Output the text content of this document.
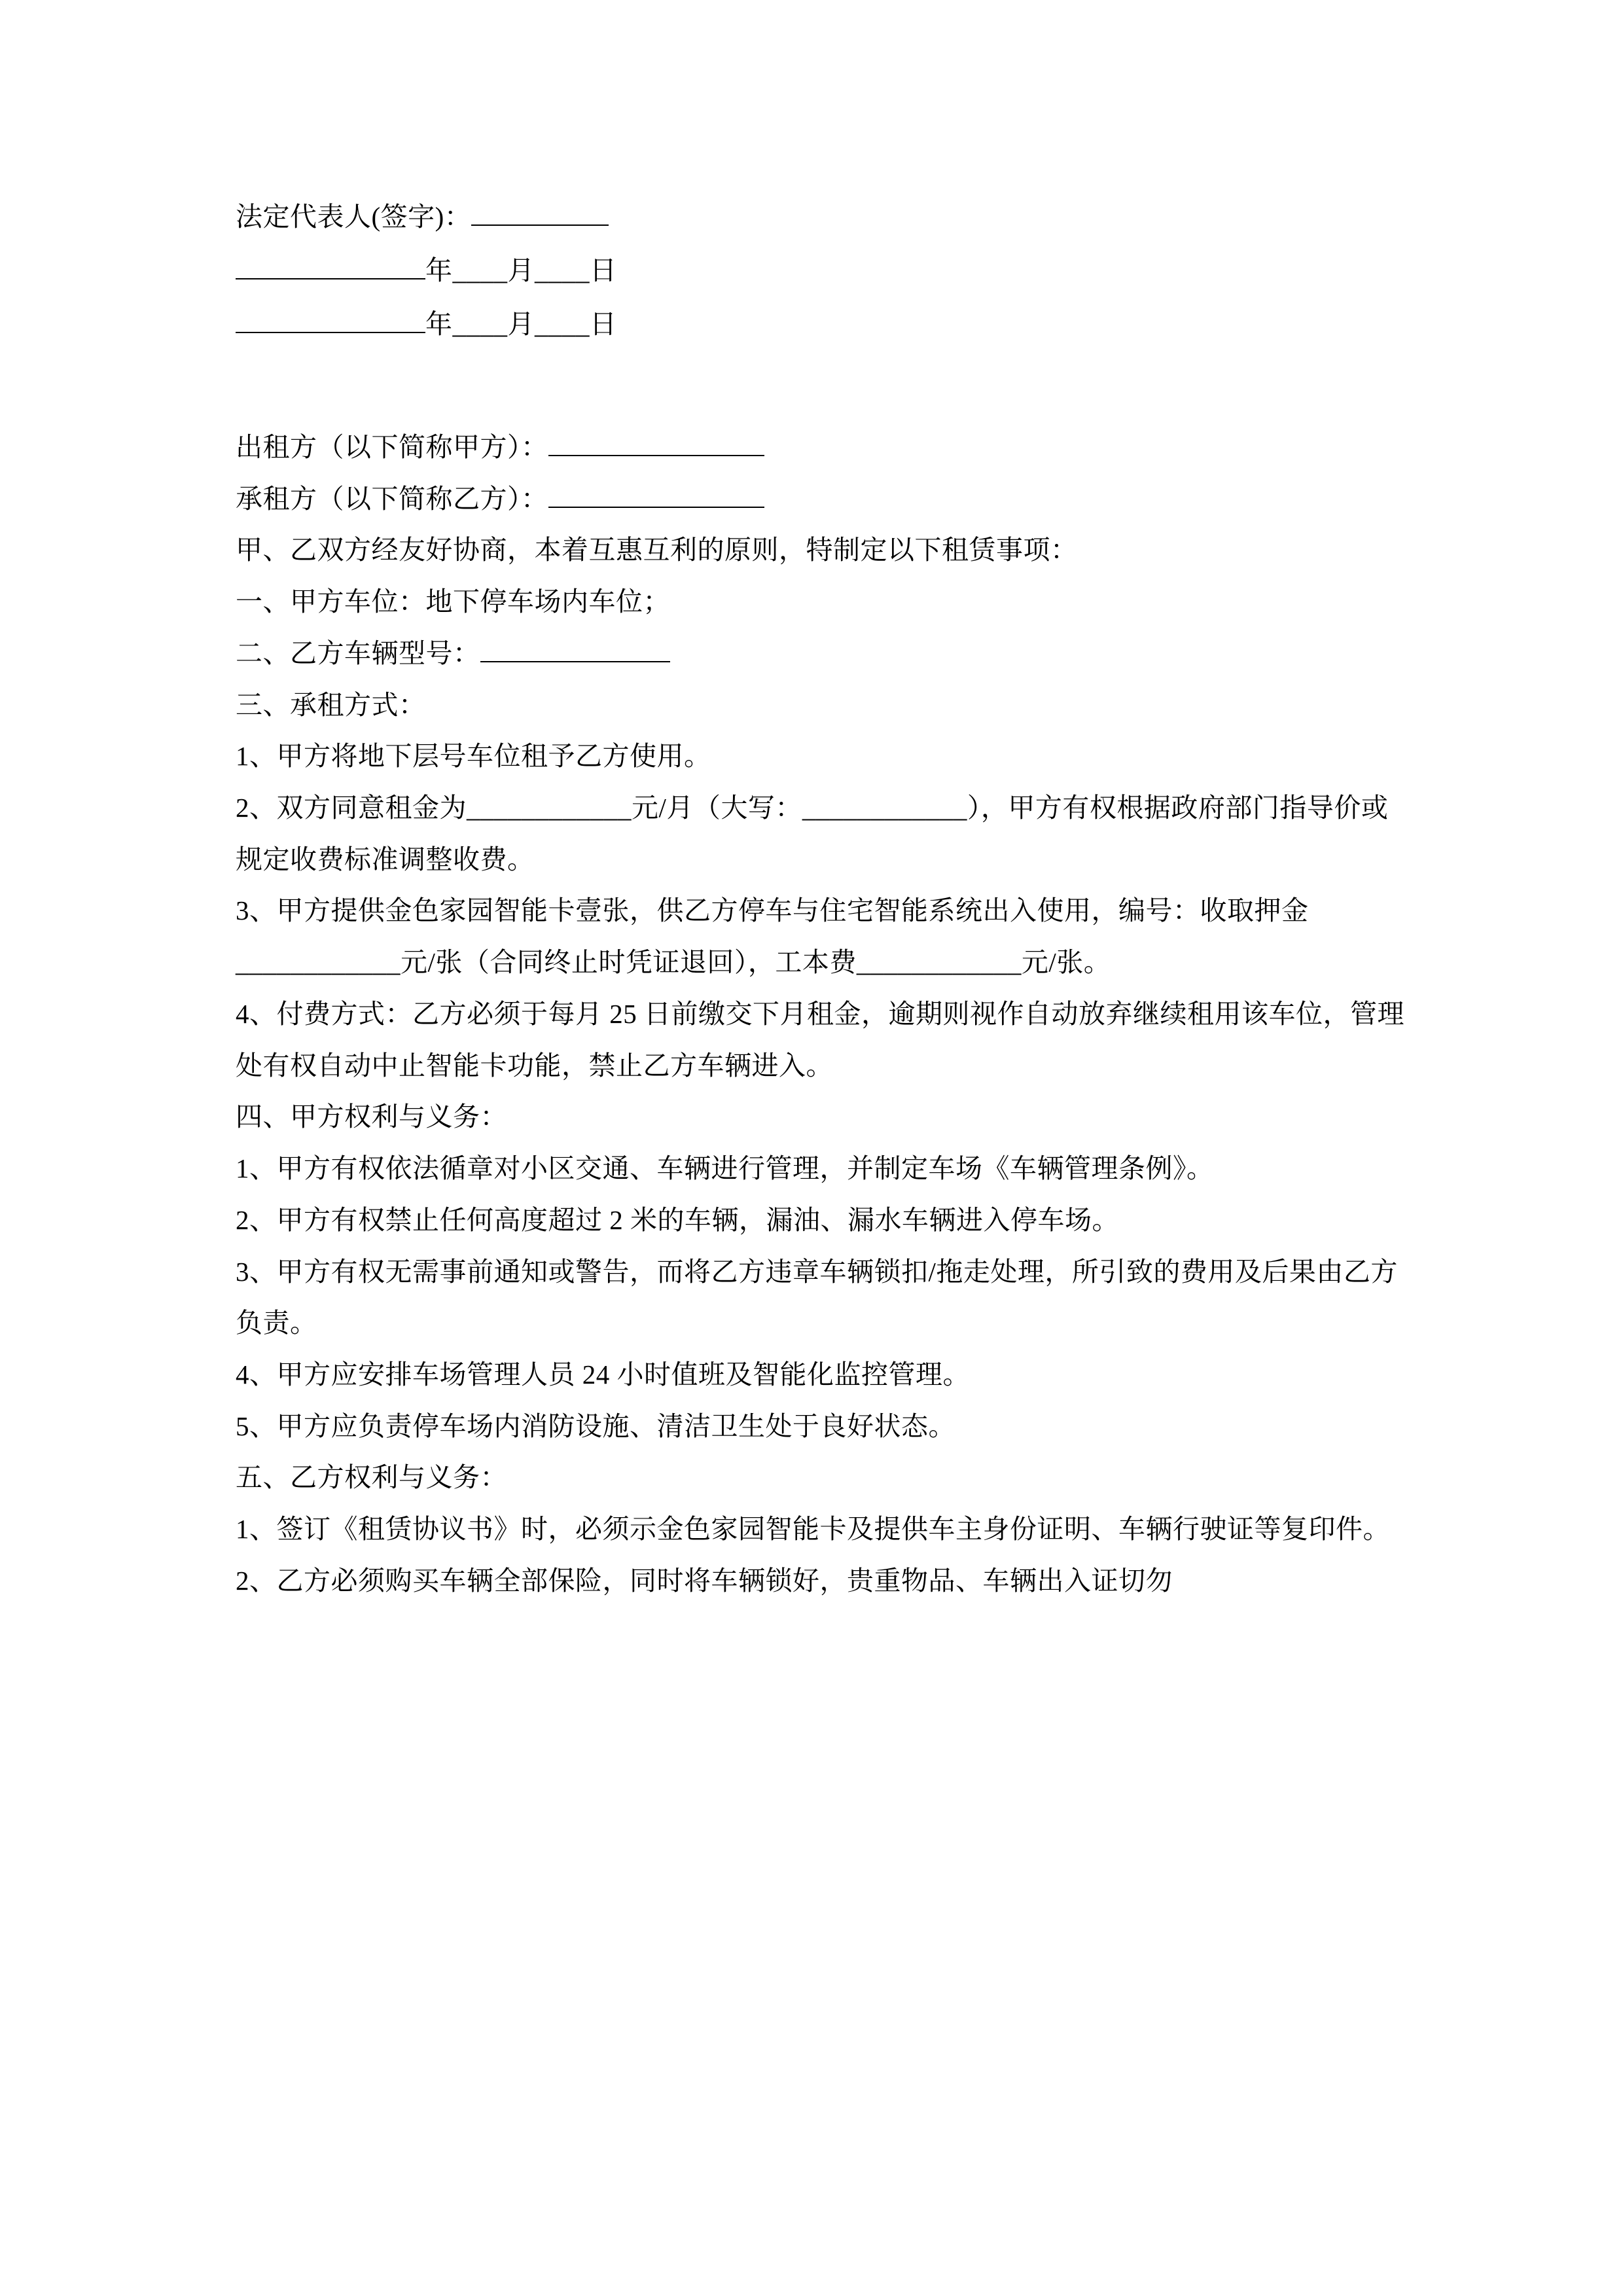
法定代表人(签字)：
年____月____日
年____月____日
出租方（以下简称甲方）：
承租方（以下简称乙方）：

甲、乙双方经友好协商，本着互惠互利的原则，特制定以下租赁事项：

一、甲方车位：地下停车场内车位；

二、乙方车辆型号：

三、承租方式：

1、甲方将地下层号车位租予乙方使用。

2、双方同意租金为____________元/月（大写：____________），甲方有权根据政府部门指导价或规定收费标准调整收费。

3、甲方提供金色家园智能卡壹张，供乙方停车与住宅智能系统出入使用，编号：收取押金____________元/张（合同终止时凭证退回），工本费____________元/张。

4、付费方式：乙方必须于每月 25 日前缴交下月租金，逾期则视作自动放弃继续租用该车位，管理处有权自动中止智能卡功能，禁止乙方车辆进入。

四、甲方权利与义务：

1、甲方有权依法循章对小区交通、车辆进行管理，并制定车场《车辆管理条例》。

2、甲方有权禁止任何高度超过 2 米的车辆，漏油、漏水车辆进入停车场。

3、甲方有权无需事前通知或警告，而将乙方违章车辆锁扣/拖走处理，所引致的费用及后果由乙方负责。

4、甲方应安排车场管理人员 24 小时值班及智能化监控管理。

5、甲方应负责停车场内消防设施、清洁卫生处于良好状态。

五、乙方权利与义务：

1、签订《租赁协议书》时，必须示金色家园智能卡及提供车主身份证明、车辆行驶证等复印件。

2、乙方必须购买车辆全部保险，同时将车辆锁好，贵重物品、车辆出入证切勿
